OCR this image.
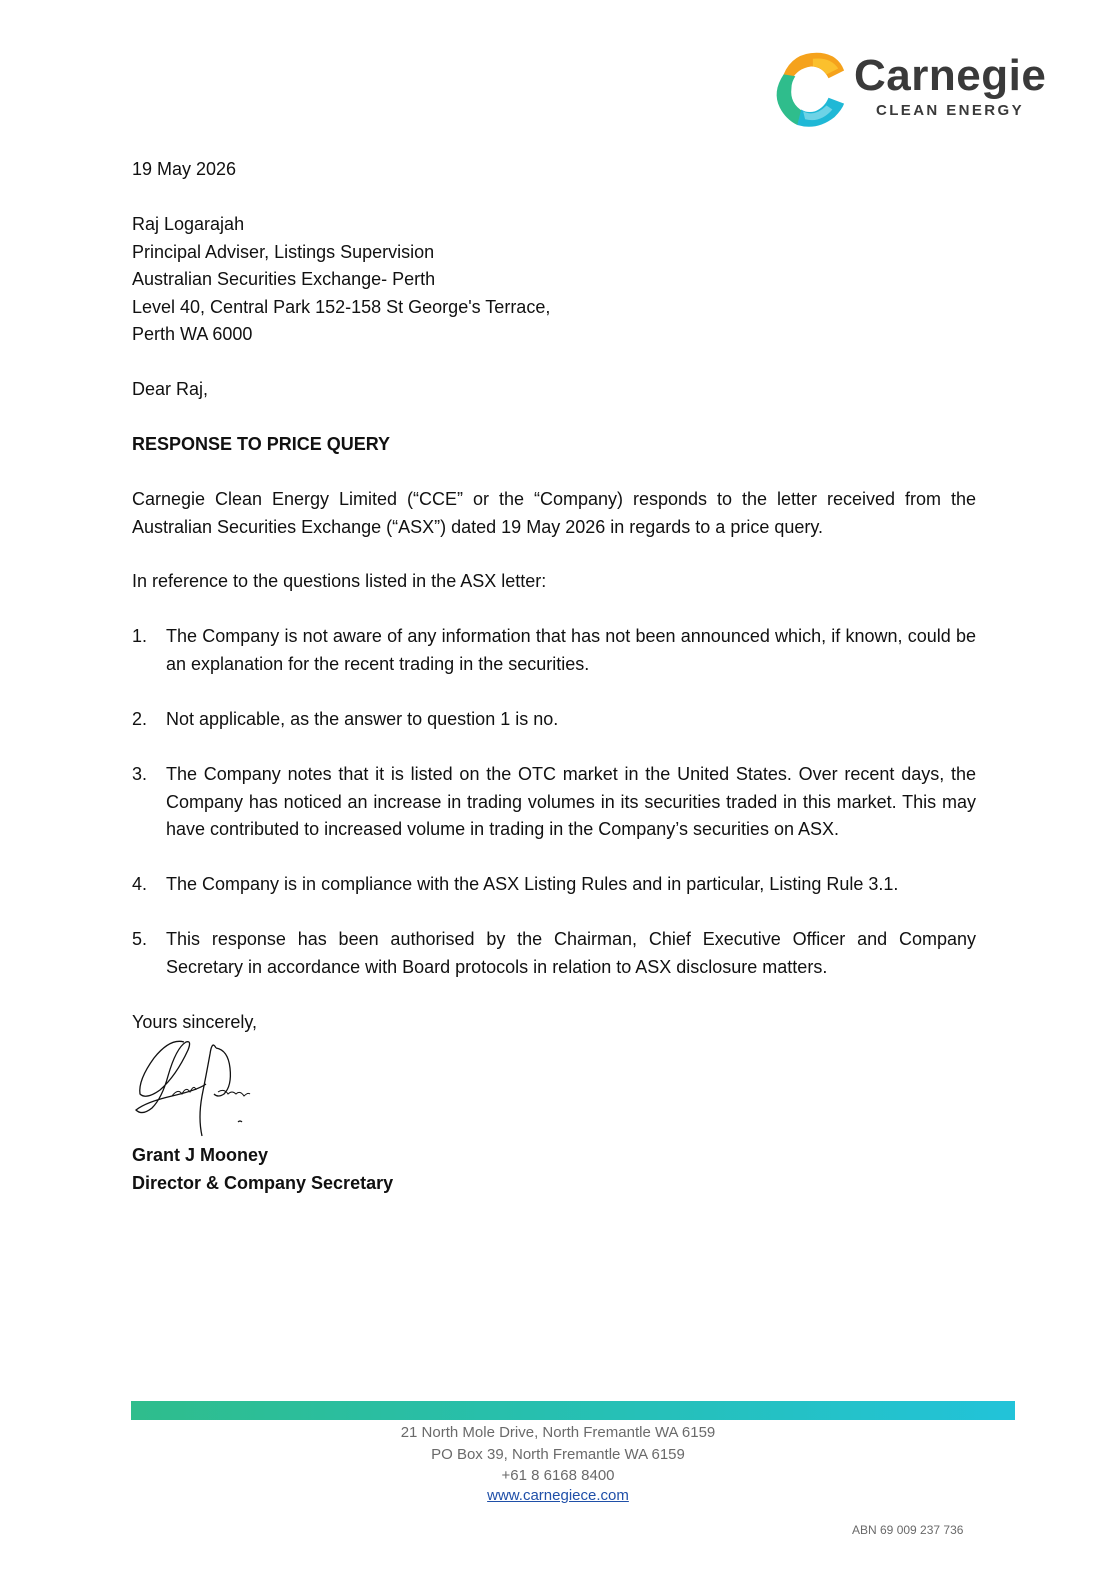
Carnegie
CLEAN ENERGY
19 May 2026
Raj Logarajah
Principal Adviser, Listings Supervision
Australian Securities Exchange- Perth
Level 40, Central Park 152-158 St George's Terrace,
Perth WA 6000
Dear Raj,
RESPONSE TO PRICE QUERY
Carnegie Clean Energy Limited (“CCE” or the “Company) responds to the letter received from the Australian Securities Exchange (“ASX”) dated 19 May 2026 in regards to a price query.
In reference to the questions listed in the ASX letter:
1.	The Company is not aware of any information that has not been announced which, if known, could be an explanation for the recent trading in the securities.
2.	Not applicable, as the answer to question 1 is no.
3.	The Company notes that it is listed on the OTC market in the United States. Over recent days, the Company has noticed an increase in trading volumes in its securities traded in this market. This may have contributed to increased volume in trading in the Company’s securities on ASX.
4.	The Company is in compliance with the ASX Listing Rules and in particular, Listing Rule 3.1.
5.	This response has been authorised by the Chairman, Chief Executive Officer and Company Secretary in accordance with Board protocols in relation to ASX disclosure matters.
Yours sincerely,
Grant J Mooney
Director & Company Secretary
21 North Mole Drive, North Fremantle WA 6159
PO Box 39, North Fremantle WA 6159
+61 8 6168 8400
www.carnegiece.com
ABN 69 009 237 736
